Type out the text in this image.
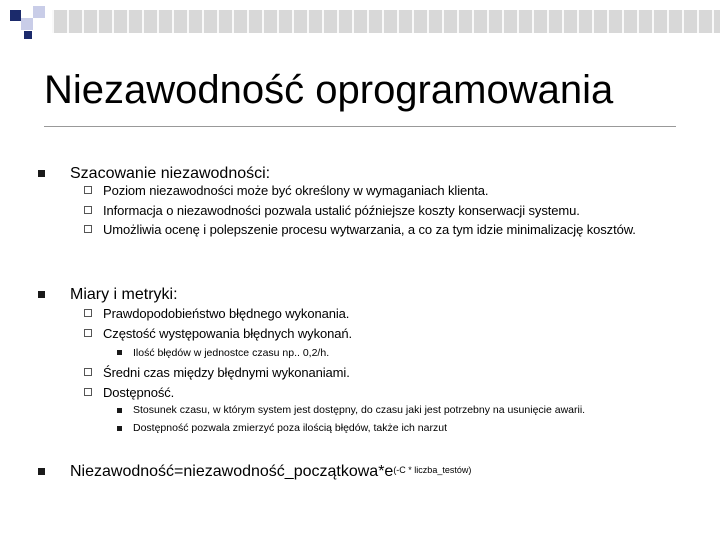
Niezawodność oprogramowania
Szacowanie niezawodności:
Poziom niezawodności może być określony w wymaganiach klienta.
Informacja o niezawodności pozwala ustalić późniejsze koszty konserwacji systemu.
Umożliwia ocenę i polepszenie procesu wytwarzania, a co za tym idzie minimalizację kosztów.
Miary i metryki:
Prawdopodobieństwo błędnego wykonania.
Częstość występowania błędnych wykonań.
Ilość błędów w jednostce czasu np.. 0,2/h.
Średni czas między błędnymi wykonaniami.
Dostępność.
Stosunek czasu, w którym system jest dostępny, do czasu jaki jest potrzebny na usunięcie awarii.
Dostępność pozwala zmierzyć poza ilością błędów, także ich narzut
$Niezawodność=niezawodność\_początkowa*e^{(-C * liczba\_testów)}$
